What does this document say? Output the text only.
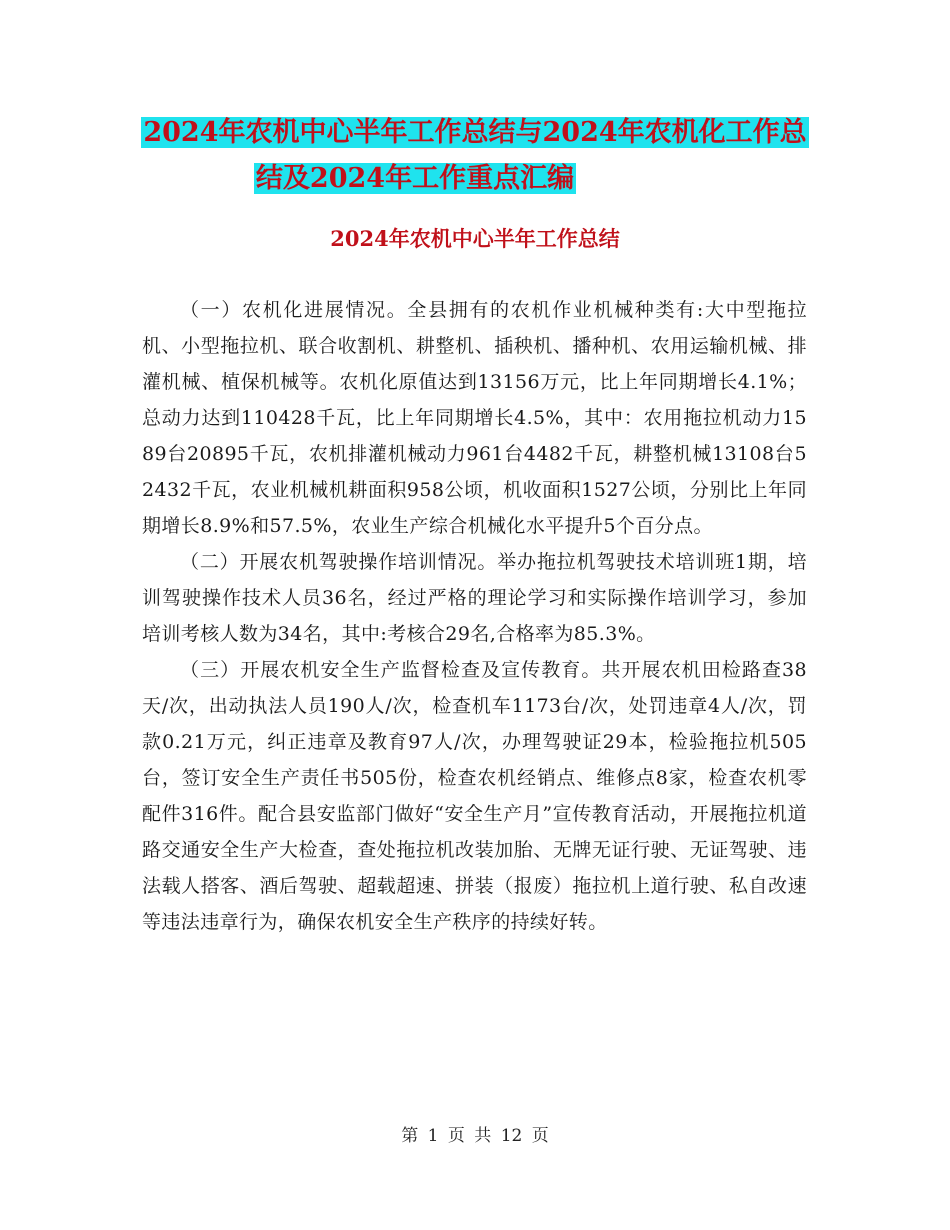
2024年农机中心半年工作总结与2024年农机化工作总
结及2024年工作重点汇编
2024年农机中心半年工作总结

（一）农机化进展情况。全县拥有的农机作业机械种类有:大中型拖拉机、小型拖拉机、联合收割机、耕整机、插秧机、播种机、农用运输机械、排灌机械、植保机械等。农机化原值达到13156万元，比上年同期增长4.1%；总动力达到110428千瓦，比上年同期增长4.5%，其中：农用拖拉机动力1589台20895千瓦，农机排灌机械动力961台4482千瓦，耕整机械13108台52432千瓦，农业机械机耕面积958公顷，机收面积1527公顷，分别比上年同期增长8.9%和57.5%，农业生产综合机械化水平提升5个百分点。

（二）开展农机驾驶操作培训情况。举办拖拉机驾驶技术培训班1期，培训驾驶操作技术人员36名，经过严格的理论学习和实际操作培训学习，参加培训考核人数为34名，其中:考核合29名,合格率为85.3%。

（三）开展农机安全生产监督检查及宣传教育。共开展农机田检路查38天/次，出动执法人员190人/次，检查机车1173台/次，处罚违章4人/次，罚款0.21万元，纠正违章及教育97人/次，办理驾驶证29本，检验拖拉机505台，签订安全生产责任书505份，检查农机经销点、维修点8家，检查农机零配件316件。配合县安监部门做好“安全生产月”宣传教育活动，开展拖拉机道路交通安全生产大检查，查处拖拉机改装加胎、无牌无证行驶、无证驾驶、违法载人搭客、酒后驾驶、超载超速、拼装（报废）拖拉机上道行驶、私自改速等违法违章行为，确保农机安全生产秩序的持续好转。

第 1 页 共 12 页
